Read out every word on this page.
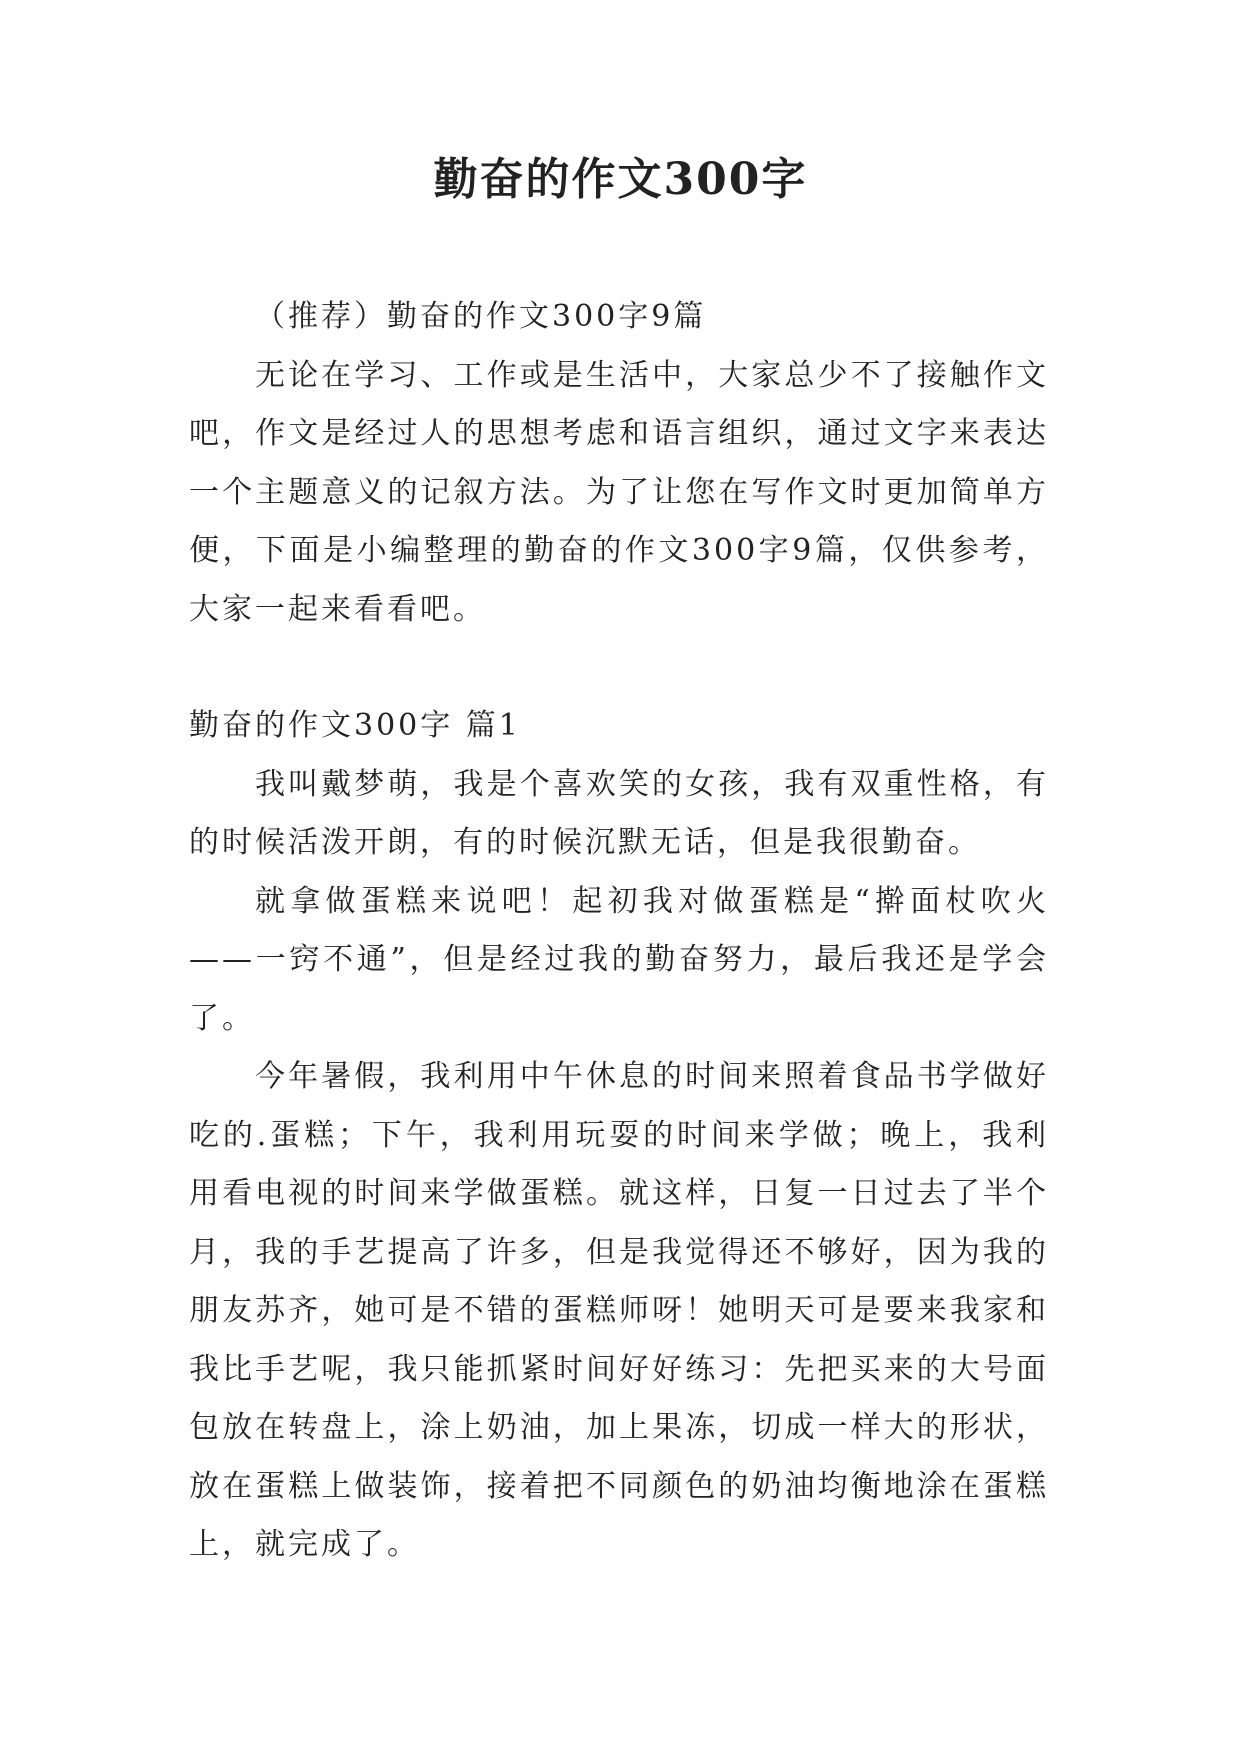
勤奋的作文300字

（推荐）勤奋的作文300字9篇

无论在学习、工作或是生活中，大家总少不了接触作文吧，作文是经过人的思想考虑和语言组织，通过文字来表达一个主题意义的记叙方法。为了让您在写作文时更加简单方便，下面是小编整理的勤奋的作文300字9篇，仅供参考，大家一起来看看吧。

勤奋的作文300字 篇1

我叫戴梦萌，我是个喜欢笑的女孩，我有双重性格，有的时候活泼开朗，有的时候沉默无话，但是我很勤奋。

就拿做蛋糕来说吧！起初我对做蛋糕是“擀面杖吹火——一窍不通”，但是经过我的勤奋努力，最后我还是学会了。

今年暑假，我利用中午休息的时间来照着食品书学做好吃的.蛋糕；下午，我利用玩耍的时间来学做；晚上，我利用看电视的时间来学做蛋糕。就这样，日复一日过去了半个月，我的手艺提高了许多，但是我觉得还不够好，因为我的朋友苏齐，她可是不错的蛋糕师呀！她明天可是要来我家和我比手艺呢，我只能抓紧时间好好练习：先把买来的大号面包放在转盘上，涂上奶油，加上果冻，切成一样大的形状，放在蛋糕上做装饰，接着把不同颜色的奶油均衡地涂在蛋糕上，就完成了。
